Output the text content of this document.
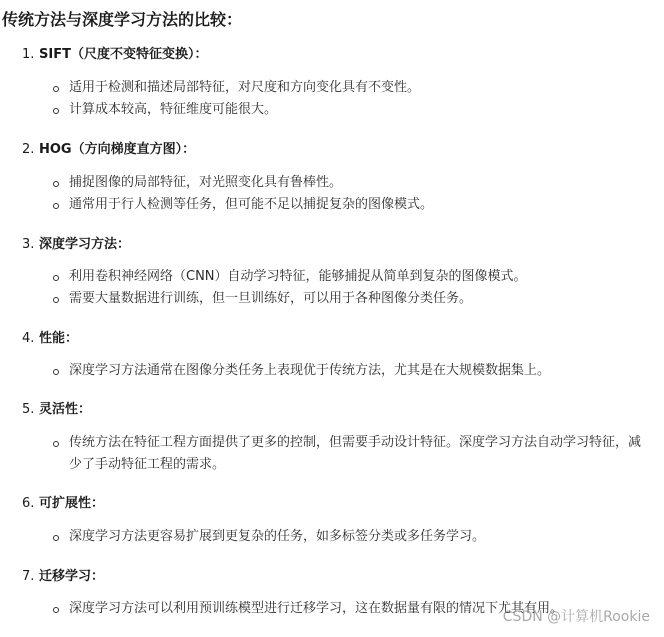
传统方法与深度学习方法的比较：
1. SIFT（尺度不变特征变换）：
适用于检测和描述局部特征，对尺度和方向变化具有不变性。
计算成本较高，特征维度可能很大。
2. HOG（方向梯度直方图）：
捕捉图像的局部特征，对光照变化具有鲁棒性。
通常用于行人检测等任务，但可能不足以捕捉复杂的图像模式。
3. 深度学习方法：
利用卷积神经网络（CNN）自动学习特征，能够捕捉从简单到复杂的图像模式。
需要大量数据进行训练，但一旦训练好，可以用于各种图像分类任务。
4. 性能：
深度学习方法通常在图像分类任务上表现优于传统方法，尤其是在大规模数据集上。
5. 灵活性：
传统方法在特征工程方面提供了更多的控制，但需要手动设计特征。深度学习方法自动学习特征，减少了手动特征工程的需求。
6. 可扩展性：
深度学习方法更容易扩展到更复杂的任务，如多标签分类或多任务学习。
7. 迁移学习：
深度学习方法可以利用预训练模型进行迁移学习，这在数据量有限的情况下尤其有用。
CSDN @计算机Rookie
